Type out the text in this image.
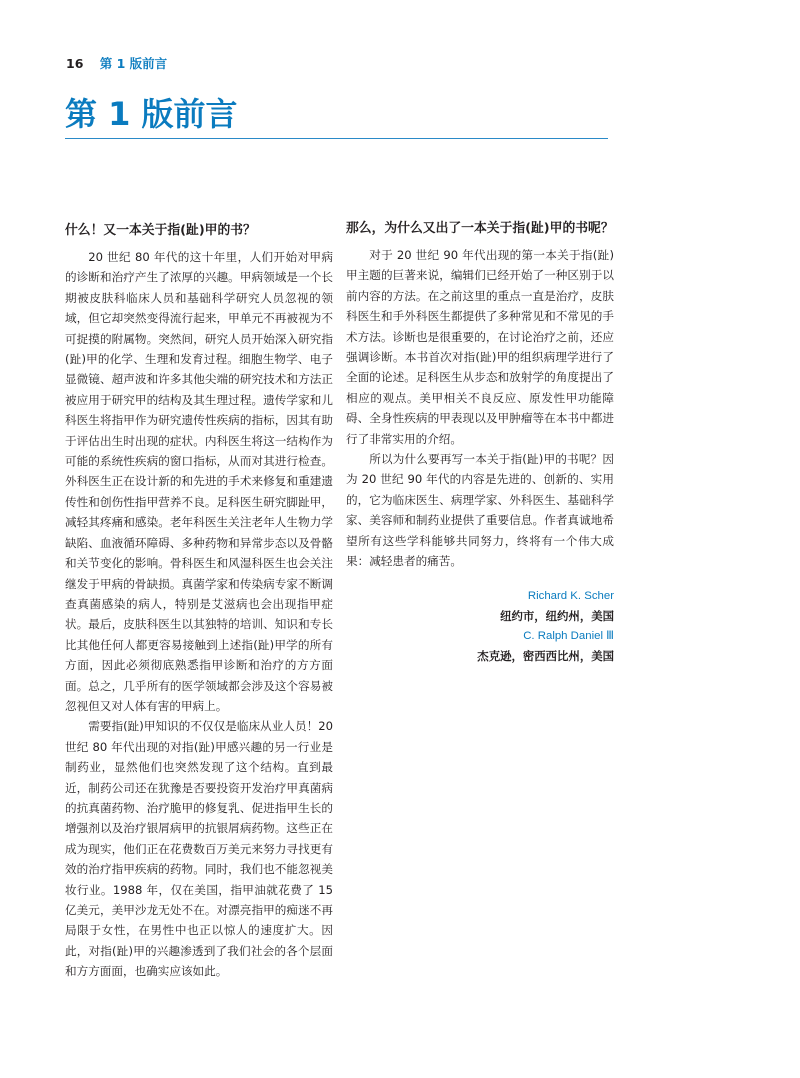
16 第 1 版前言
第 1 版前言
什么！又一本关于指(趾)甲的书？

20 世纪 80 年代的这十年里，人们开始对甲病的诊断和治疗产生了浓厚的兴趣。甲病领域是一个长期被皮肤科临床人员和基础科学研究人员忽视的领域，但它却突然变得流行起来，甲单元不再被视为不可捉摸的附属物。突然间，研究人员开始深入研究指(趾)甲的化学、生理和发育过程。细胞生物学、电子显微镜、超声波和许多其他尖端的研究技术和方法正被应用于研究甲的结构及其生理过程。遗传学家和儿科医生将指甲作为研究遗传性疾病的指标，因其有助于评估出生时出现的症状。内科医生将这一结构作为可能的系统性疾病的窗口指标，从而对其进行检查。外科医生正在设计新的和先进的手术来修复和重建遗传性和创伤性指甲营养不良。足科医生研究脚趾甲，减轻其疼痛和感染。老年科医生关注老年人生物力学缺陷、血液循环障碍、多种药物和异常步态以及骨骼和关节变化的影响。骨科医生和风湿科医生也会关注继发于甲病的骨缺损。真菌学家和传染病专家不断调查真菌感染的病人，特别是艾滋病也会出现指甲症状。最后，皮肤科医生以其独特的培训、知识和专长比其他任何人都更容易接触到上述指(趾)甲学的所有方面，因此必须彻底熟悉指甲诊断和治疗的方方面面。总之，几乎所有的医学领域都会涉及这个容易被忽视但又对人体有害的甲病上。

需要指(趾)甲知识的不仅仅是临床从业人员！20 世纪 80 年代出现的对指(趾)甲感兴趣的另一行业是制药业，显然他们也突然发现了这个结构。直到最近，制药公司还在犹豫是否要投资开发治疗甲真菌病的抗真菌药物、治疗脆甲的修复乳、促进指甲生长的增强剂以及治疗银屑病甲的抗银屑病药物。这些正在成为现实，他们正在花费数百万美元来努力寻找更有效的治疗指甲疾病的药物。同时，我们也不能忽视美妆行业。1988 年，仅在美国，指甲油就花费了 15 亿美元，美甲沙龙无处不在。对漂亮指甲的痴迷不再局限于女性，在男性中也正以惊人的速度扩大。因此，对指(趾)甲的兴趣渗透到了我们社会的各个层面和方方面面，也确实应该如此。

那么，为什么又出了一本关于指(趾)甲的书呢？

对于 20 世纪 90 年代出现的第一本关于指(趾)甲主题的巨著来说，编辑们已经开始了一种区别于以前内容的方法。在之前这里的重点一直是治疗，皮肤科医生和手外科医生都提供了多种常见和不常见的手术方法。诊断也是很重要的，在讨论治疗之前，还应强调诊断。本书首次对指(趾)甲的组织病理学进行了全面的论述。足科医生从步态和放射学的角度提出了相应的观点。美甲相关不良反应、原发性甲功能障碍、全身性疾病的甲表现以及甲肿瘤等在本书中都进行了非常实用的介绍。

所以为什么要再写一本关于指(趾)甲的书呢？因为 20 世纪 90 年代的内容是先进的、创新的、实用的，它为临床医生、病理学家、外科医生、基础科学家、美容师和制药业提供了重要信息。作者真诚地希望所有这些学科能够共同努力，终将有一个伟大成果：减轻患者的痛苦。

Richard K. Scher
纽约市，纽约州，美国
C. Ralph Daniel Ⅲ
杰克逊，密西西比州，美国
